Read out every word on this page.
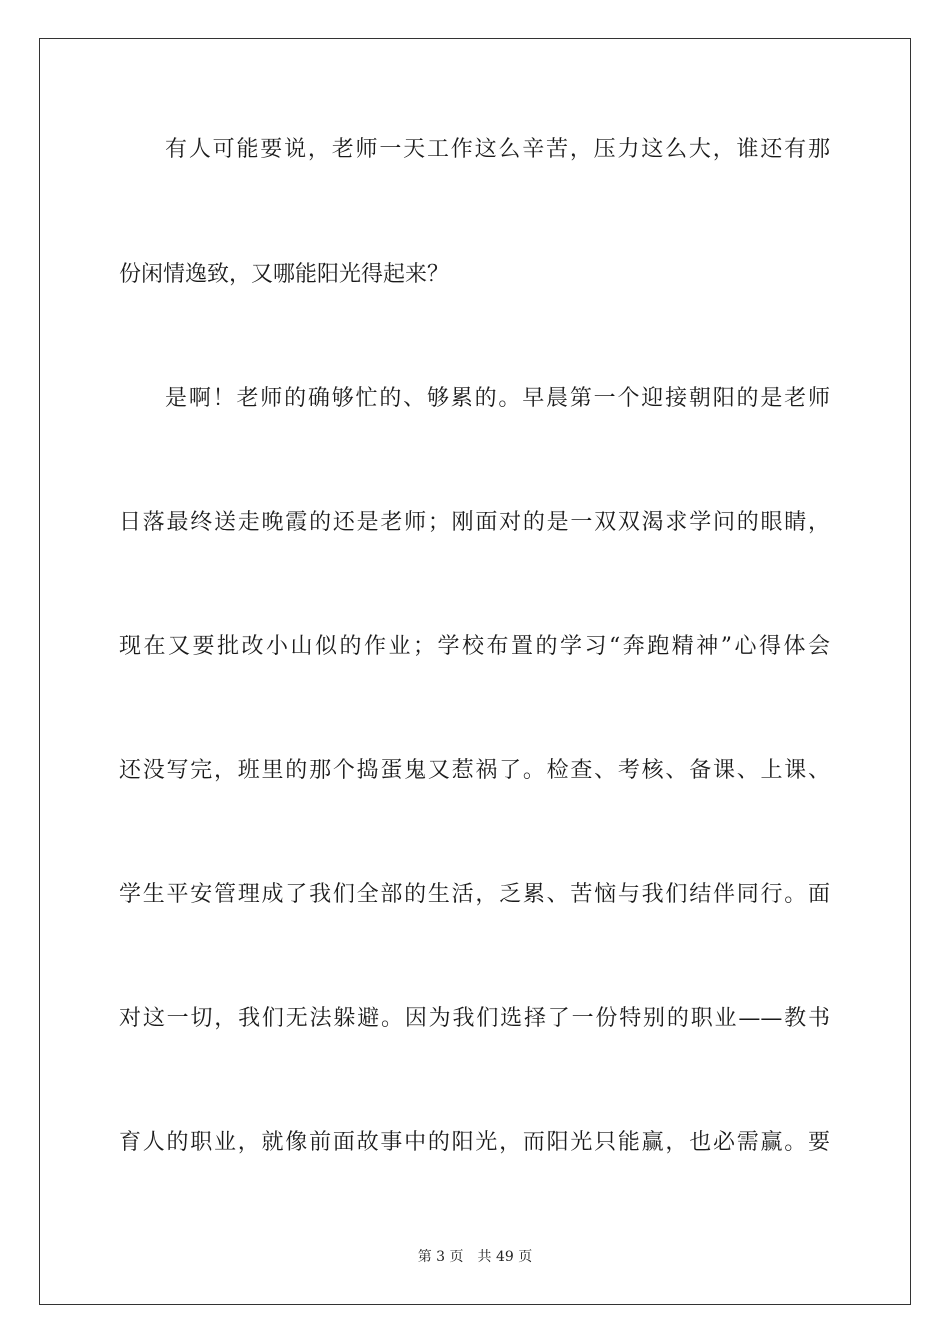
有人可能要说，老师一天工作这么辛苦，压力这么大，谁还有那
份闲情逸致，又哪能阳光得起来？
是啊！老师的确够忙的、够累的。早晨第一个迎接朝阳的是老师
日落最终送走晚霞的还是老师；刚面对的是一双双渴求学问的眼睛，
现在又要批改小山似的作业；学校布置的学习“奔跑精神”心得体会
还没写完，班里的那个捣蛋鬼又惹祸了。检查、考核、备课、上课、
学生平安管理成了我们全部的生活，乏累、苦恼与我们结伴同行。面
对这一切，我们无法躲避。因为我们选择了一份特别的职业——教书
育人的职业，就像前面故事中的阳光，而阳光只能赢，也必需赢。要
第 3 页 共 49 页
